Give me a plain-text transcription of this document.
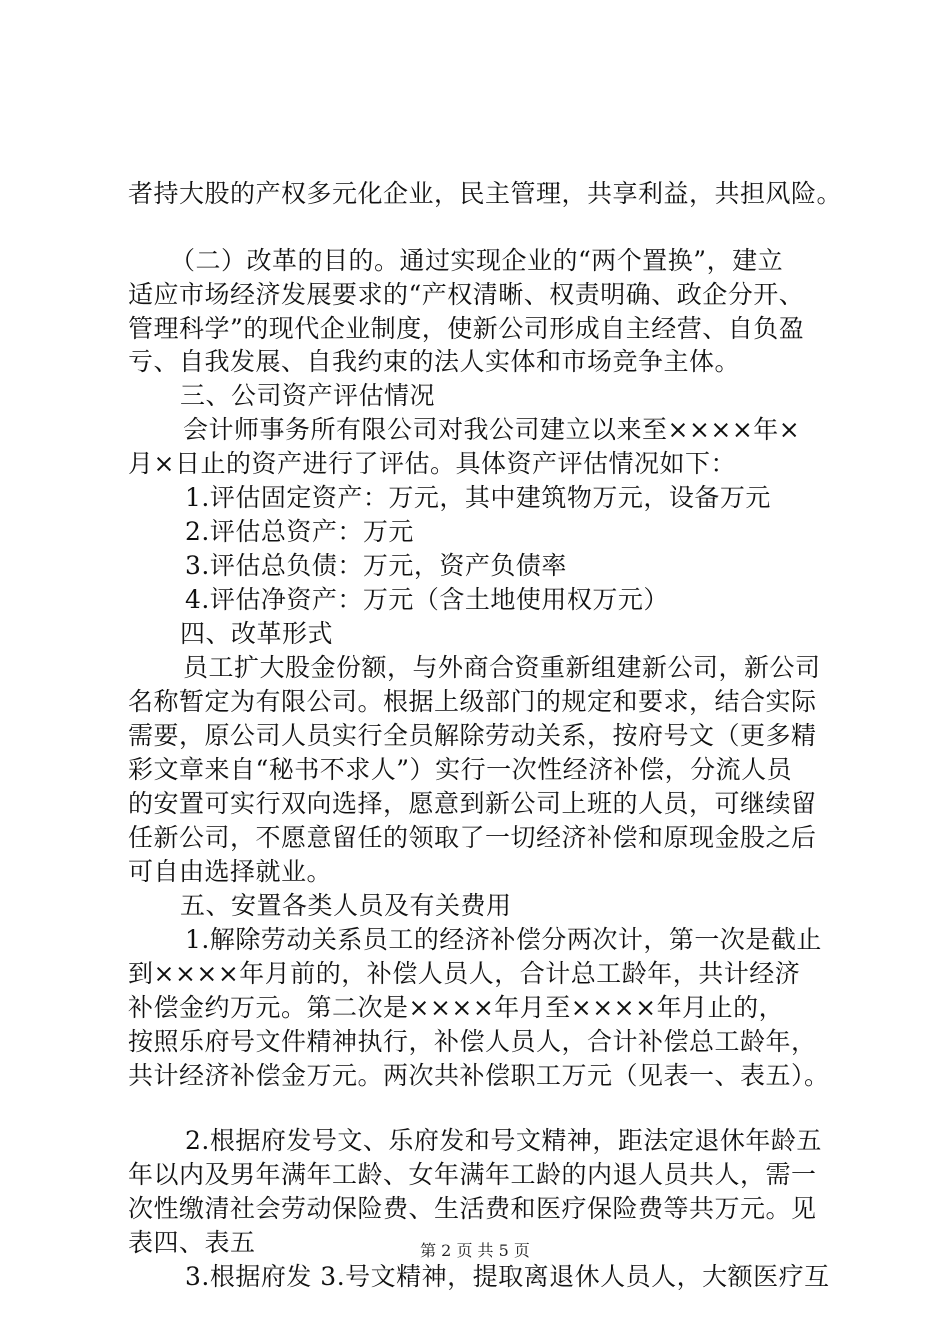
者持大股的产权多元化企业，民主管理，共享利益，共担风险。
（二）改革的目的。通过实现企业的“两个置换”，建立
适应市场经济发展要求的“产权清晰、权责明确、政企分开、
管理科学”的现代企业制度，使新公司形成自主经营、自负盈
亏、自我发展、自我约束的法人实体和市场竞争主体。
三、公司资产评估情况
会计师事务所有限公司对我公司建立以来至××××年×
月×日止的资产进行了评估。具体资产评估情况如下：
1.评估固定资产：万元，其中建筑物万元，设备万元
2.评估总资产：万元
3.评估总负债：万元，资产负债率
4.评估净资产：万元（含土地使用权万元）
四、改革形式
员工扩大股金份额，与外商合资重新组建新公司，新公司
名称暂定为有限公司。根据上级部门的规定和要求，结合实际
需要，原公司人员实行全员解除劳动关系，按府号文（更多精
彩文章来自“秘书不求人”）实行一次性经济补偿，分流人员
的安置可实行双向选择，愿意到新公司上班的人员，可继续留
任新公司，不愿意留任的领取了一切经济补偿和原现金股之后
可自由选择就业。
五、安置各类人员及有关费用
1.解除劳动关系员工的经济补偿分两次计，第一次是截止
到××××年月前的，补偿人员人，合计总工龄年，共计经济
补偿金约万元。第二次是××××年月至××××年月止的，
按照乐府号文件精神执行，补偿人员人，合计补偿总工龄年，
共计经济补偿金万元。两次共补偿职工万元（见表一、表五）。
2.根据府发号文、乐府发和号文精神，距法定退休年龄五
年以内及男年满年工龄、女年满年工龄的内退人员共人，需一
次性缴清社会劳动保险费、生活费和医疗保险费等共万元。见
表四、表五
3.根据府发 3.号文精神，提取离退休人员人，大额医疗互
第 2 页 共 5 页
